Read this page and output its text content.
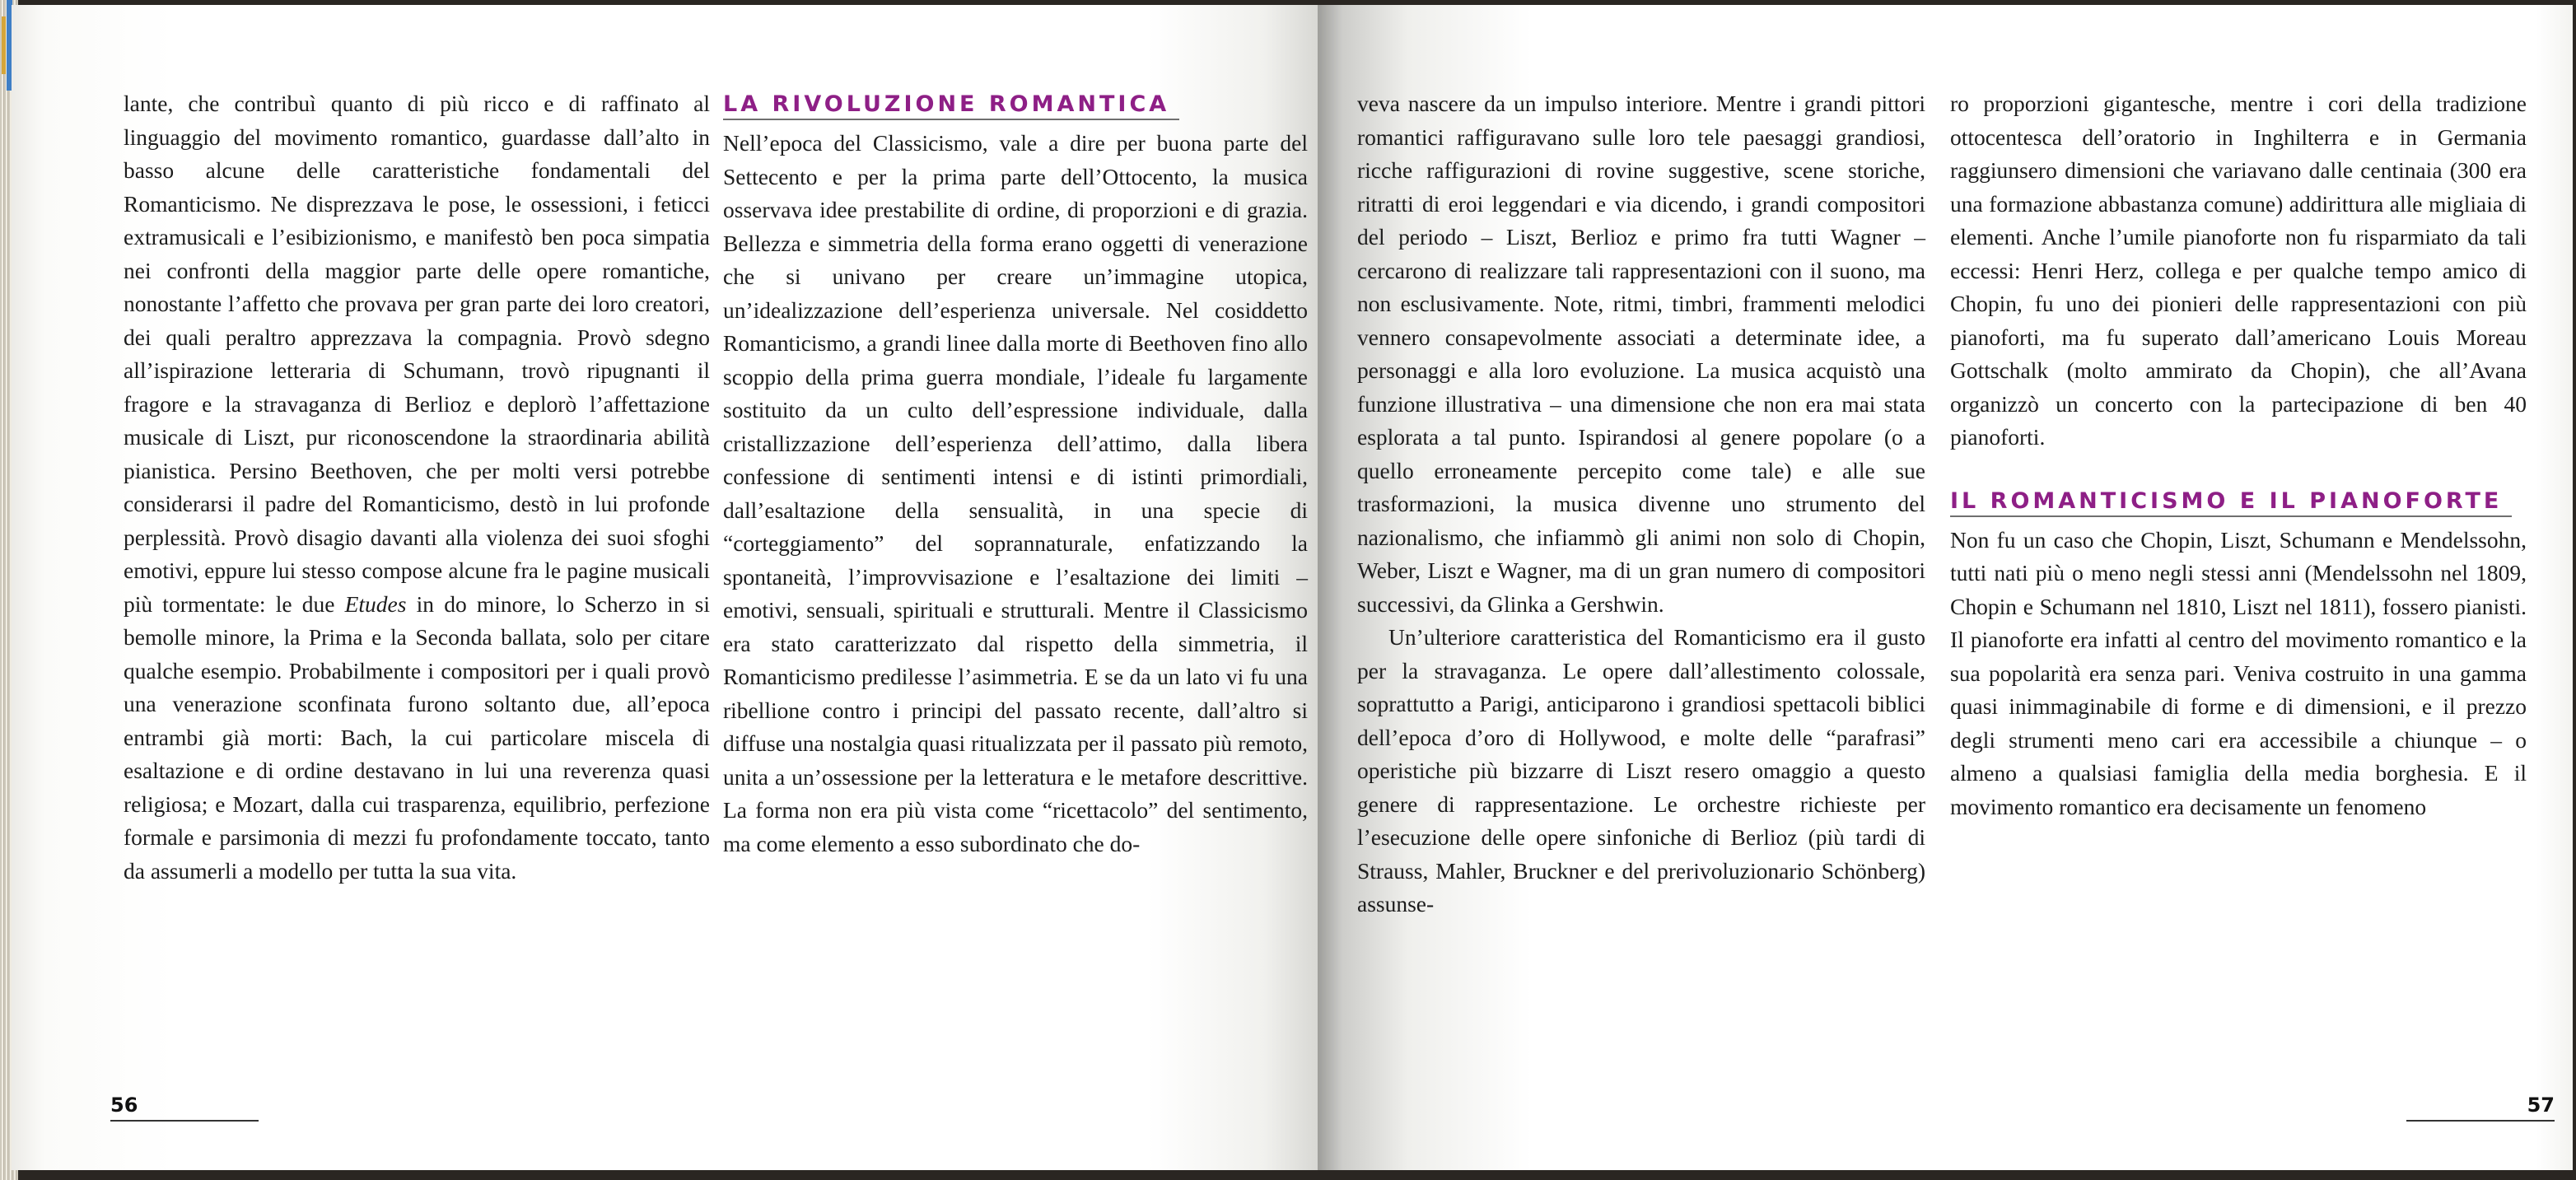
lante, che contribuì quanto di più ricco e di raffinato al linguaggio del movimento romantico, guardasse dall’alto in basso alcune delle caratteristiche fondamentali del Romanticismo. Ne disprezzava le pose, le ossessioni, i feticci extramusicali e l’esibizionismo, e manifestò ben poca simpatia nei confronti della maggior parte delle opere romantiche, nonostante l’affetto che provava per gran parte dei loro creatori, dei quali peraltro apprezzava la compagnia. Provò sdegno all’ispirazione letteraria di Schumann, trovò ripugnanti il fragore e la stravaganza di Berlioz e deplorò l’affettazione musicale di Liszt, pur riconoscendone la straordinaria abilità pianistica. Persino Beethoven, che per molti versi potrebbe considerarsi il padre del Romanticismo, destò in lui profonde perplessità. Provò disagio davanti alla violenza dei suoi sfoghi emotivi, eppure lui stesso compose alcune fra le pagine musicali più tormentate: le due Etudes in do minore, lo Scherzo in si bemolle minore, la Prima e la Seconda ballata, solo per citare qualche esempio. Probabilmente i compositori per i quali provò una venerazione sconfinata furono soltanto due, all’epoca entrambi già morti: Bach, la cui particolare miscela di esaltazione e di ordine destavano in lui una reverenza quasi religiosa; e Mozart, dalla cui trasparenza, equilibrio, perfezione formale e parsimonia di mezzi fu profondamente toccato, tanto da assumerli a modello per tutta la sua vita.

LA RIVOLUZIONE ROMANTICA

Nell’epoca del Classicismo, vale a dire per buona parte del Settecento e per la prima parte dell’Ottocento, la musica osservava idee prestabilite di ordine, di proporzioni e di grazia. Bellezza e simmetria della forma erano oggetti di venerazione che si univano per creare un’immagine utopica, un’idealizzazione dell’esperienza universale. Nel cosiddetto Romanticismo, a grandi linee dalla morte di Beethoven fino allo scoppio della prima guerra mondiale, l’ideale fu largamente sostituito da un culto dell’espressione individuale, dalla cristallizzazione dell’esperienza dell’attimo, dalla libera confessione di sentimenti intensi e di istinti primordiali, dall’esaltazione della sensualità, in una specie di “corteggiamento” del soprannaturale, enfatizzando la spontaneità, l’improvvisazione e l’esaltazione dei limiti – emotivi, sensuali, spirituali e strutturali. Mentre il Classicismo era stato caratterizzato dal rispetto della simmetria, il Romanticismo predilesse l’asimmetria. E se da un lato vi fu una ribellione contro i principi del passato recente, dall’altro si diffuse una nostalgia quasi ritualizzata per il passato più remoto, unita a un’ossessione per la letteratura e le metafore descrittive. La forma non era più vista come “ricettacolo” del sentimento, ma come elemento a esso subordinato che do-

56

veva nascere da un impulso interiore. Mentre i grandi pittori romantici raffiguravano sulle loro tele paesaggi grandiosi, ricche raffigurazioni di rovine suggestive, scene storiche, ritratti di eroi leggendari e via dicendo, i grandi compositori del periodo – Liszt, Berlioz e primo fra tutti Wagner – cercarono di realizzare tali rappresentazioni con il suono, ma non esclusivamente. Note, ritmi, timbri, frammenti melodici vennero consapevolmente associati a determinate idee, a personaggi e alla loro evoluzione. La musica acquistò una funzione illustrativa – una dimensione che non era mai stata esplorata a tal punto. Ispirandosi al genere popolare (o a quello erroneamente percepito come tale) e alle sue trasformazioni, la musica divenne uno strumento del nazionalismo, che infiammò gli animi non solo di Chopin, Weber, Liszt e Wagner, ma di un gran numero di compositori successivi, da Glinka a Gershwin.

Un’ulteriore caratteristica del Romanticismo era il gusto per la stravaganza. Le opere dall’allestimento colossale, soprattutto a Parigi, anticiparono i grandiosi spettacoli biblici dell’epoca d’oro di Hollywood, e molte delle “parafrasi” operistiche più bizzarre di Liszt resero omaggio a questo genere di rappresentazione. Le orchestre richieste per l’esecuzione delle opere sinfoniche di Berlioz (più tardi di Strauss, Mahler, Bruckner e del prerivoluzionario Schönberg) assunse-

ro proporzioni gigantesche, mentre i cori della tradizione ottocentesca dell’oratorio in Inghilterra e in Germania raggiunsero dimensioni che variavano dalle centinaia (300 era una formazione abbastanza comune) addirittura alle migliaia di elementi. Anche l’umile pianoforte non fu risparmiato da tali eccessi: Henri Herz, collega e per qualche tempo amico di Chopin, fu uno dei pionieri delle rappresentazioni con più pianoforti, ma fu superato dall’americano Louis Moreau Gottschalk (molto ammirato da Chopin), che all’Avana organizzò un concerto con la partecipazione di ben 40 pianoforti.

IL ROMANTICISMO E IL PIANOFORTE

Non fu un caso che Chopin, Liszt, Schumann e Mendelssohn, tutti nati più o meno negli stessi anni (Mendelssohn nel 1809, Chopin e Schumann nel 1810, Liszt nel 1811), fossero pianisti. Il pianoforte era infatti al centro del movimento romantico e la sua popolarità era senza pari. Veniva costruito in una gamma quasi inimmaginabile di forme e di dimensioni, e il prezzo degli strumenti meno cari era accessibile a chiunque – o almeno a qualsiasi famiglia della media borghesia. E il movimento romantico era decisamente un fenomeno

57
